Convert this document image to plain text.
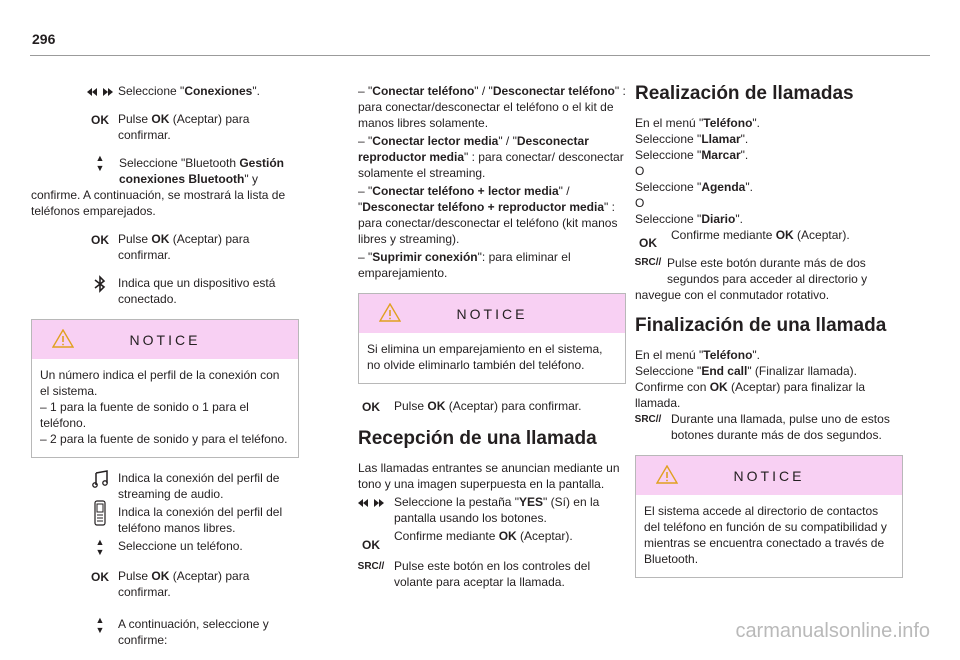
296
Seleccione "Conexiones".
OK Pulse OK (Aceptar) para confirmar.
▲
▼	Seleccione "Bluetooth Gestión conexiones Bluetooth" y confirme. A continuación, se mostrará la lista de teléfonos emparejados.
OK Pulse OK (Aceptar) para confirmar.
Indica que un dispositivo está conectado.
NOTICE
Un número indica el perfil de la conexión con el sistema.
– 1 para la fuente de sonido o 1 para el teléfono.
– 2 para la fuente de sonido y para el teléfono.
Indica la conexión del perfil de streaming de audio.
Indica la conexión del perfil del teléfono manos libres.
▲
▼	Seleccione un teléfono.
OK Pulse OK (Aceptar) para confirmar.
▲
▼	A continuación, seleccione y confirme:
– "Conectar teléfono" / "Desconectar teléfono" : para conectar/desconectar el teléfono o el kit de manos libres solamente.
– "Conectar lector media" / "Desconectar reproductor media" : para conectar/ desconectar solamente el streaming.
– "Conectar teléfono + lector media" / "Desconectar teléfono + reproductor media" : para conectar/desconectar el teléfono (kit manos libres y streaming).
– "Suprimir conexión": para eliminar el emparejamiento.
NOTICE
Si elimina un emparejamiento en el sistema, no olvide eliminarlo también del teléfono.
OK	Pulse OK (Aceptar) para confirmar.
Recepción de una llamada
Las llamadas entrantes se anuncian mediante un tono y una imagen superpuesta en la pantalla.
Seleccione la pestaña "YES" (Sí) en la pantalla usando los botones.
OK
Confirme mediante OK (Aceptar).
SRC // Pulse este botón en los controles del volante para aceptar la llamada.
Realización de llamadas
En el menú "Teléfono".
Seleccione "Llamar".
Seleccione "Marcar".
O
Seleccione "Agenda".
O
Seleccione "Diario".
OK
Confirme mediante OK (Aceptar).
SRC // Pulse este botón durante más de dos segundos para acceder al directorio y navegue con el conmutador rotativo.
Finalización de una llamada
En el menú "Teléfono".
Seleccione "End call" (Finalizar llamada).
Confirme con OK (Aceptar) para finalizar la llamada.
SRC // Durante una llamada, pulse uno de estos botones durante más de dos segundos.
NOTICE
El sistema accede al directorio de contactos del teléfono en función de su compatibilidad y mientras se encuentra conectado a través de Bluetooth.
carmanualsonline.info
